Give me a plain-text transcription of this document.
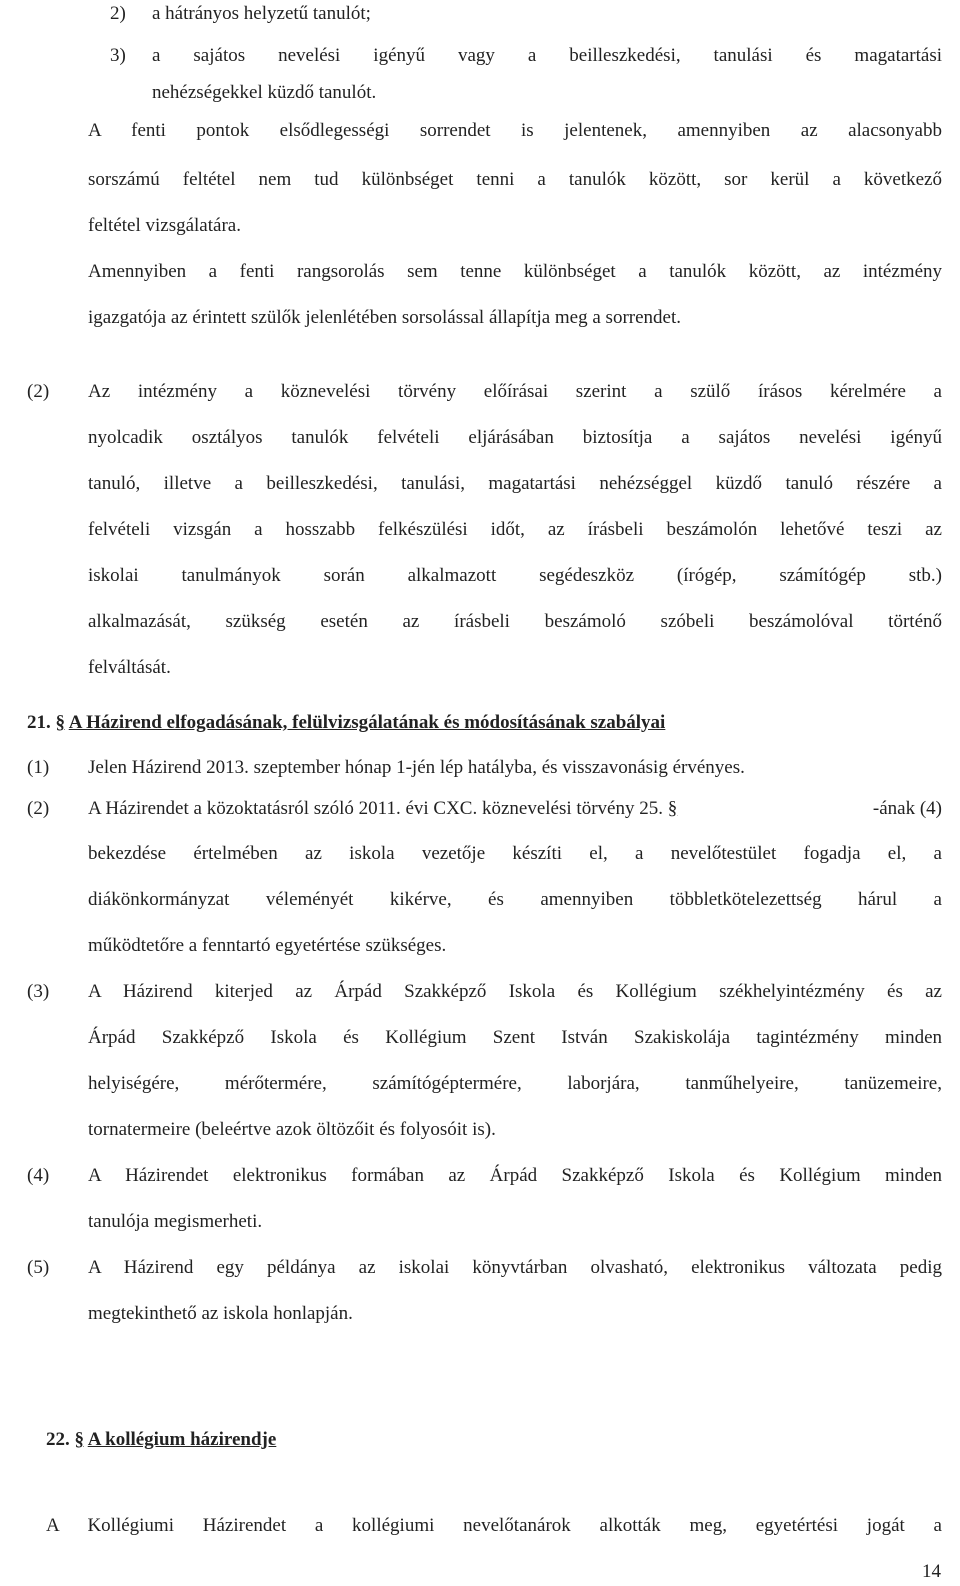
2) a hátrányos helyzetű tanulót;
3) a sajátos nevelési igényű vagy a beilleszkedési, tanulási és magatartási
nehézségekkel küzdő tanulót.
A fenti pontok elsődlegességi sorrendet is jelentenek, amennyiben az alacsonyabb
sorszámú feltétel nem tud különbséget tenni a tanulók között, sor kerül a következő
feltétel vizsgálatára.
Amennyiben a fenti rangsorolás sem tenne különbséget a tanulók között, az intézmény
igazgatója az érintett szülők jelenlétében sorsolással állapítja meg a sorrendet.
(2) Az intézmény a köznevelési törvény előírásai szerint a szülő írásos kérelmére a
nyolcadik osztályos tanulók felvételi eljárásában biztosítja a sajátos nevelési igényű
tanuló, illetve a beilleszkedési, tanulási, magatartási nehézséggel küzdő tanuló részére a
felvételi vizsgán a hosszabb felkészülési időt, az írásbeli beszámolón lehetővé teszi az
iskolai tanulmányok során alkalmazott segédeszköz (írógép, számítógép stb.)
alkalmazását, szükség esetén az írásbeli beszámoló szóbeli beszámolóval történő
felváltását.
21. § A Házirend elfogadásának, felülvizsgálatának és módosításának szabályai
(1) Jelen Házirend 2013. szeptember hónap 1-jén lép hatályba, és visszavonásig érvényes.
(2) A Házirendet a közoktatásról szóló 2011. évi CXC. köznevelési törvény 25. §	-ának (4)
bekezdése értelmében az iskola vezetője készíti el, a nevelőtestület fogadja el, a
diákönkormányzat véleményét kikérve, és amennyiben többletkötelezettség hárul a
működtetőre a fenntartó egyetértése szükséges.
(3) A Házirend kiterjed az Árpád Szakképző Iskola és Kollégium székhelyintézmény és az
Árpád Szakképző Iskola és Kollégium Szent István Szakiskolája tagintézmény minden
helyiségére, mérőtermére, számítógéptermére, laborjára, tanműhelyeire, tanüzemeire,
tornatermeire (beleértve azok öltözőit és folyosóit is).
(4) A Házirendet elektronikus formában az Árpád Szakképző Iskola és Kollégium minden
tanulója megismerheti.
(5) A Házirend egy példánya az iskolai könyvtárban olvasható, elektronikus változata pedig
megtekinthető az iskola honlapján.
22. § A kollégium házirendje
A Kollégiumi Házirendet a kollégiumi nevelőtanárok alkották meg, egyetértési jogát a
14
